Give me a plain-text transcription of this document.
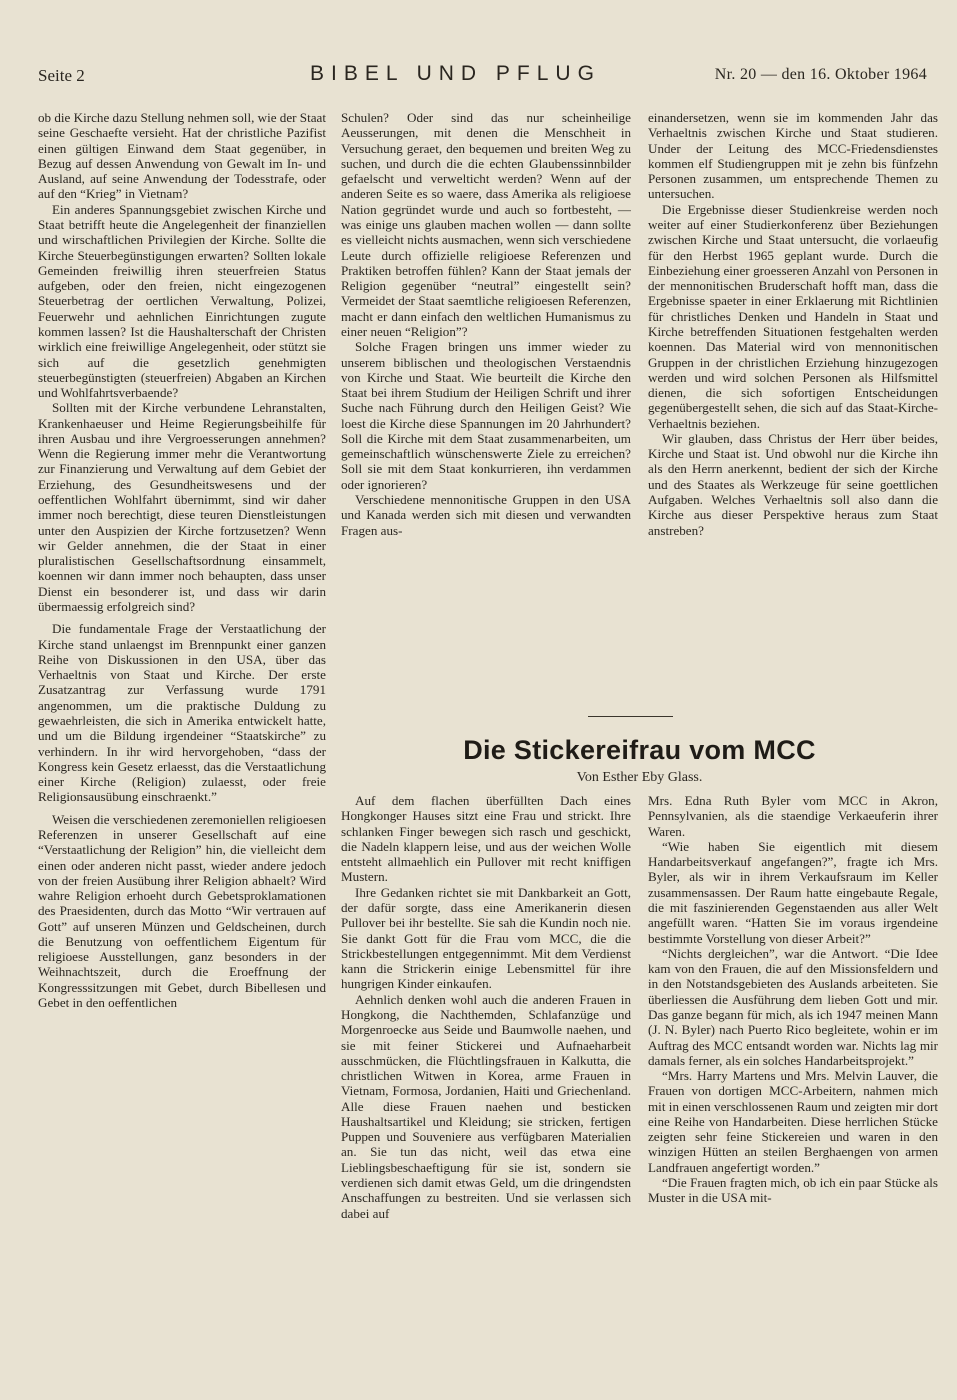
Seite 2	BIBEL UND PFLUG	Nr. 20 — den 16. Oktober 1964

ob die Kirche dazu Stellung nehmen soll, wie der Staat seine Geschaefte versieht. Hat der christliche Pazifist einen gültigen Einwand dem Staat gegenüber, in Bezug auf dessen Anwendung von Gewalt im In- und Ausland, auf seine Anwendung der Todesstrafe, oder auf den “Krieg” in Vietnam?

Ein anderes Spannungsgebiet zwischen Kirche und Staat betrifft heute die Angelegenheit der finanziellen und wirschaftlichen Privilegien der Kirche. Sollte die Kirche Steuerbegünstigungen erwarten? Sollten lokale Gemeinden freiwillig ihren steuerfreien Status aufgeben, oder den freien, nicht eingezogenen Steuerbetrag der oertlichen Verwaltung, Polizei, Feuerwehr und aehnlichen Einrichtungen zugute kommen lassen? Ist die Haushalterschaft der Christen wirklich eine freiwillige Angelegenheit, oder stützt sie sich auf die gesetzlich genehmigten steuerbegünstigten (steuerfreien) Abgaben an Kirchen und Wohlfahrtsverbaende?

Sollten mit der Kirche verbundene Lehranstalten, Krankenhaeuser und Heime Regierungsbeihilfe für ihren Ausbau und ihre Vergroesserungen annehmen? Wenn die Regierung immer mehr die Verantwortung zur Finanzierung und Verwaltung auf dem Gebiet der Erziehung, des Gesundheitswesens und der oeffentlichen Wohlfahrt übernimmt, sind wir daher immer noch berechtigt, diese teuren Dienstleistungen unter den Auspizien der Kirche fortzusetzen? Wenn wir Gelder annehmen, die der Staat in einer pluralistischen Gesellschaftsordnung einsammelt, koennen wir dann immer noch behaupten, dass unser Dienst ein besonderer ist, und dass wir darin übermaessig erfolgreich sind?

Die fundamentale Frage der Verstaatlichung der Kirche stand unlaengst im Brennpunkt einer ganzen Reihe von Diskussionen in den USA, über das Verhaeltnis von Staat und Kirche. Der erste Zusatzantrag zur Verfassung wurde 1791 angenommen, um die praktische Duldung zu gewaehrleisten, die sich in Amerika entwickelt hatte, und um die Bildung irgendeiner “Staatskirche” zu verhindern. In ihr wird hervorgehoben, “dass der Kongress kein Gesetz erlaesst, das die Verstaatlichung einer Kirche (Religion) zulaesst, oder freie Religionsausübung einschraenkt.”

Weisen die verschiedenen zeremoniellen religioesen Referenzen in unserer Gesellschaft auf eine “Verstaatlichung der Religion” hin, die vielleicht dem einen oder anderen nicht passt, wieder andere jedoch von der freien Ausübung ihrer Religion abhaelt? Wird wahre Religion erhoeht durch Gebetsproklamationen des Praesidenten, durch das Motto “Wir vertrauen auf Gott” auf unseren Münzen und Geldscheinen, durch die Benutzung von oeffentlichem Eigentum für religioese Ausstellungen, ganz besonders in der Weihnachtszeit, durch die Eroeffnung der Kongresssitzungen mit Gebet, durch Bibellesen und Gebet in den oeffentlichen

Schulen? Oder sind das nur scheinheilige Aeusserungen, mit denen die Menschheit in Versuchung geraet, den bequemen und breiten Weg zu suchen, und durch die die echten Glaubenssinnbilder gefaelscht und verwelticht werden? Wenn auf der anderen Seite es so waere, dass Amerika als religioese Nation gegründet wurde und auch so fortbesteht, — was einige uns glauben machen wollen — dann sollte es vielleicht nichts ausmachen, wenn sich verschiedene Leute durch offizielle religioese Referenzen und Praktiken betroffen fühlen? Kann der Staat jemals der Religion gegenüber “neutral” eingestellt sein? Vermeidet der Staat saemtliche religioesen Referenzen, macht er dann einfach den weltlichen Humanismus zu einer neuen “Religion”?

Solche Fragen bringen uns immer wieder zu unserem biblischen und theologischen Verstaendnis von Kirche und Staat. Wie beurteilt die Kirche den Staat bei ihrem Studium der Heiligen Schrift und ihrer Suche nach Führung durch den Heiligen Geist? Wie loest die Kirche diese Spannungen im 20 Jahrhundert? Soll die Kirche mit dem Staat zusammenarbeiten, um gemeinschaftlich wünschenswerte Ziele zu erreichen? Soll sie mit dem Staat konkurrieren, ihn verdammen oder ignorieren?

Verschiedene mennonitische Gruppen in den USA und Kanada werden sich mit diesen und verwandten Fragen aus-

einandersetzen, wenn sie im kommenden Jahr das Verhaeltnis zwischen Kirche und Staat studieren. Under der Leitung des MCC-Friedensdienstes kommen elf Studiengruppen mit je zehn bis fünfzehn Personen zusammen, um entsprechende Themen zu untersuchen.

Die Ergebnisse dieser Studienkreise werden noch weiter auf einer Studierkonferenz über Beziehungen zwischen Kirche und Staat untersucht, die vorlaeufig für den Herbst 1965 geplant wurde. Durch die Einbeziehung einer groesseren Anzahl von Personen in der mennonitischen Bruderschaft hofft man, dass die Ergebnisse spaeter in einer Erklaerung mit Richtlinien für christliches Denken und Handeln in Staat und Kirche betreffenden Situationen festgehalten werden koennen. Das Material wird von mennonitischen Gruppen in der christlichen Erziehung hinzugezogen werden und wird solchen Personen als Hilfsmittel dienen, die sich sofortigen Entscheidungen gegenübergestellt sehen, die sich auf das Staat-Kirche-Verhaeltnis beziehen.

Wir glauben, dass Christus der Herr über beides, Kirche und Staat ist. Und obwohl nur die Kirche ihn als den Herrn anerkennt, bedient der sich der Kirche und des Staates als Werkzeuge für seine goettlichen Aufgaben. Welches Verhaeltnis soll also dann die Kirche aus dieser Perspektive heraus zum Staat anstreben?

Die Stickereifrau vom MCC
Von Esther Eby Glass.

Auf dem flachen überfüllten Dach eines Hongkonger Hauses sitzt eine Frau und strickt. Ihre schlanken Finger bewegen sich rasch und geschickt, die Nadeln klappern leise, und aus der weichen Wolle entsteht allmaehlich ein Pullover mit recht kniffigen Mustern.

Ihre Gedanken richtet sie mit Dankbarkeit an Gott, der dafür sorgte, dass eine Amerikanerin diesen Pullover bei ihr bestellte. Sie sah die Kundin noch nie. Sie dankt Gott für die Frau vom MCC, die die Strickbestellungen entgegennimmt. Mit dem Verdienst kann die Strickerin einige Lebensmittel für ihre hungrigen Kinder einkaufen.

Aehnlich denken wohl auch die anderen Frauen in Hongkong, die Nachthemden, Schlafanzüge und Morgenroecke aus Seide und Baumwolle naehen, und sie mit feiner Stickerei und Aufnaeharbeit ausschmücken, die Flüchtlingsfrauen in Kalkutta, die christlichen Witwen in Korea, arme Frauen in Vietnam, Formosa, Jordanien, Haiti und Griechenland. Alle diese Frauen naehen und besticken Haushaltsartikel und Kleidung; sie stricken, fertigen Puppen und Souveniere aus verfügbaren Materialien an. Sie tun das nicht, weil das etwa eine Lieblingsbeschaeftigung für sie ist, sondern sie verdienen sich damit etwas Geld, um die dringendsten Anschaffungen zu bestreiten. Und sie verlassen sich dabei auf

Mrs. Edna Ruth Byler vom MCC in Akron, Pennsylvanien, als die staendige Verkaeuferin ihrer Waren.

“Wie haben Sie eigentlich mit diesem Handarbeitsverkauf angefangen?”, fragte ich Mrs. Byler, als wir in ihrem Verkaufsraum im Keller zusammensassen. Der Raum hatte eingebaute Regale, die mit faszinierenden Gegenstaenden aus aller Welt angefüllt waren. “Hatten Sie im voraus irgendeine bestimmte Vorstellung von dieser Arbeit?”

“Nichts dergleichen”, war die Antwort. “Die Idee kam von den Frauen, die auf den Missionsfeldern und in den Notstandsgebieten des Auslands arbeiteten. Sie überliessen die Ausführung dem lieben Gott und mir. Das ganze begann für mich, als ich 1947 meinen Mann (J. N. Byler) nach Puerto Rico begleitete, wohin er im Auftrag des MCC entsandt worden war. Nichts lag mir damals ferner, als ein solches Handarbeitsprojekt.”

“Mrs. Harry Martens und Mrs. Melvin Lauver, die Frauen von dortigen MCC-Arbeitern, nahmen mich mit in einen verschlossenen Raum und zeigten mir dort eine Reihe von Handarbeiten. Diese herrlichen Stücke zeigten sehr feine Stickereien und waren in den winzigen Hütten an steilen Berghaengen von armen Landfrauen angefertigt worden.”

“Die Frauen fragten mich, ob ich ein paar Stücke als Muster in die USA mit-
